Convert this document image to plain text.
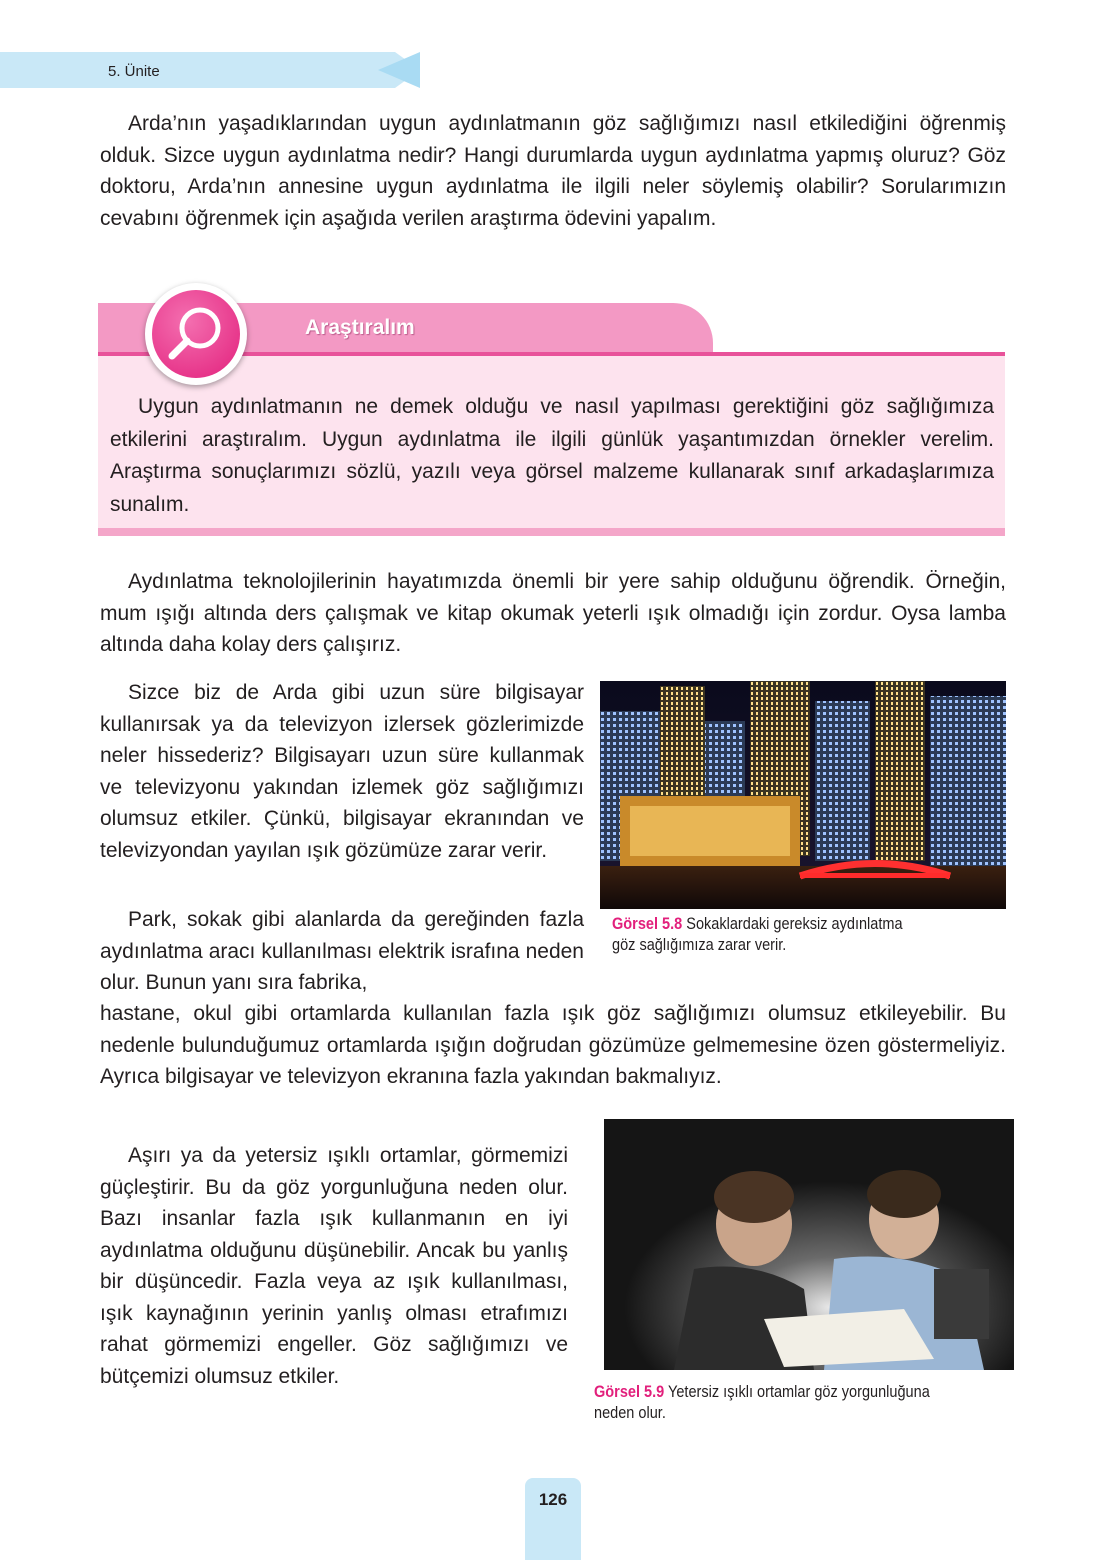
5. Ünite

Arda’nın yaşadıklarından uygun aydınlatmanın göz sağlığımızı nasıl etkilediğini öğrenmiş olduk. Sizce uygun aydınlatma nedir? Hangi durumlarda uygun aydınlatma yapmış oluruz? Göz doktoru, Arda’nın annesine uygun aydınlatma ile ilgili neler söylemiş olabilir? Sorularımızın cevabını öğrenmek için aşağıda verilen araştırma ödevini yapalım.

Araştıralım

Uygun aydınlatmanın ne demek olduğu ve nasıl yapılması gerektiğini göz sağlığımıza etkilerini araştıralım. Uygun aydınlatma ile ilgili günlük yaşantımızdan örnekler verelim. Araştırma sonuçlarımızı sözlü, yazılı veya görsel malzeme kullanarak sınıf arkadaşlarımıza sunalım.

Aydınlatma teknolojilerinin hayatımızda önemli bir yere sahip olduğunu öğrendik. Örneğin, mum ışığı altında ders çalışmak ve kitap okumak yeterli ışık olmadığı için zordur. Oysa lamba altında daha kolay ders çalışırız.

Sizce biz de Arda gibi uzun süre bilgisayar kullanırsak ya da televizyon izlersek gözlerimizde neler hissederiz? Bilgisayarı uzun süre kullanmak ve televizyonu yakından izlemek göz sağlığımızı olumsuz etkiler. Çünkü, bilgisayar ekranından ve televizyondan yayılan ışık gözümüze zarar verir.

Park, sokak gibi alanlarda da gereğinden fazla aydınlatma aracı kullanılması elektrik israfına neden olur. Bunun yanı sıra fabrika,

hastane, okul gibi ortamlarda kullanılan fazla ışık göz sağlığımızı olumsuz etkileyebilir. Bu nedenle bulunduğumuz ortamlarda ışığın doğrudan gözümüze gelmemesine özen göstermeliyiz. Ayrıca bilgisayar ve televizyon ekranına fazla yakından bakmalıyız.

Aşırı ya da yetersiz ışıklı ortamlar, görmemizi güçleştirir. Bu da göz yorgunluğuna neden olur. Bazı insanlar fazla ışık kullanmanın en iyi aydınlatma olduğunu düşünebilir. Ancak bu yanlış bir düşüncedir. Fazla veya az ışık kullanılması, ışık kaynağının yerinin yanlış olması etrafımızı rahat görmemizi engeller. Göz sağlığımızı ve bütçemizi olumsuz etkiler.

Görsel 5.8 Sokaklardaki gereksiz aydınlatma
göz sağlığımıza zarar verir.
Görsel 5.9 Yetersiz ışıklı ortamlar göz yorgunluğuna
neden olur.
126
